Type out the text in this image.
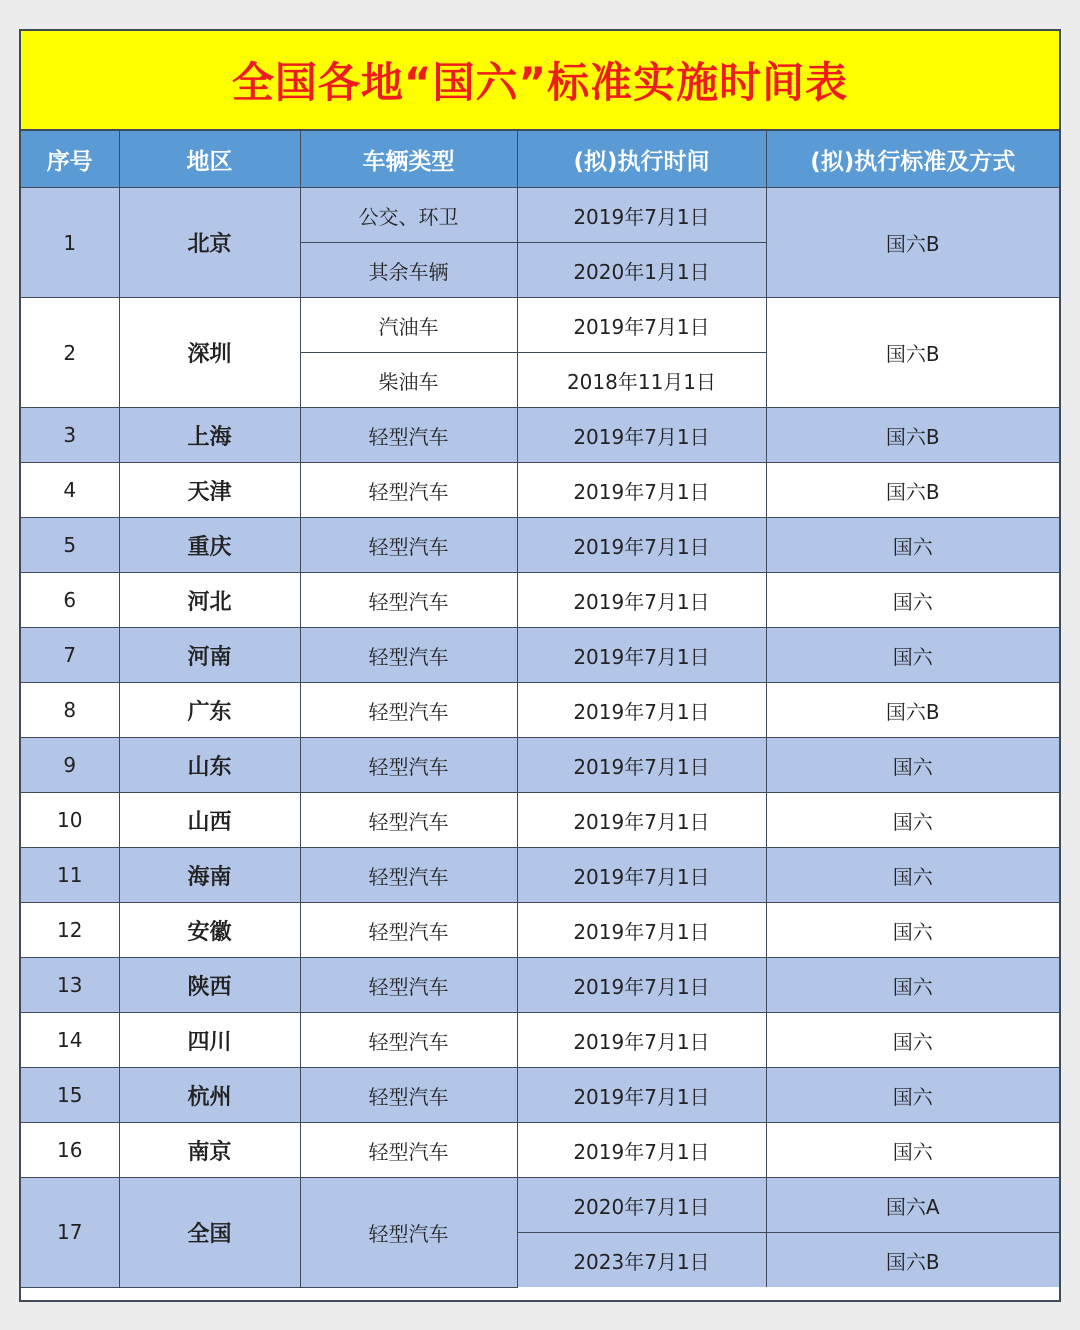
全国各地“国六”标准实施时间表
序号	地区	车辆类型	(拟)执行时间	(拟)执行标准及方式
1	北京	公交、环卫	2019年7月1日	国六B
		其余车辆	2020年1月1日	
2	深圳	汽油车	2019年7月1日	国六B
		柴油车	2018年11月1日	
3	上海	轻型汽车	2019年7月1日	国六B
4	天津	轻型汽车	2019年7月1日	国六B
5	重庆	轻型汽车	2019年7月1日	国六
6	河北	轻型汽车	2019年7月1日	国六
7	河南	轻型汽车	2019年7月1日	国六
8	广东	轻型汽车	2019年7月1日	国六B
9	山东	轻型汽车	2019年7月1日	国六
10	山西	轻型汽车	2019年7月1日	国六
11	海南	轻型汽车	2019年7月1日	国六
12	安徽	轻型汽车	2019年7月1日	国六
13	陕西	轻型汽车	2019年7月1日	国六
14	四川	轻型汽车	2019年7月1日	国六
15	杭州	轻型汽车	2019年7月1日	国六
16	南京	轻型汽车	2019年7月1日	国六
17	全国	轻型汽车	2020年7月1日	国六A
			2023年7月1日	国六B
